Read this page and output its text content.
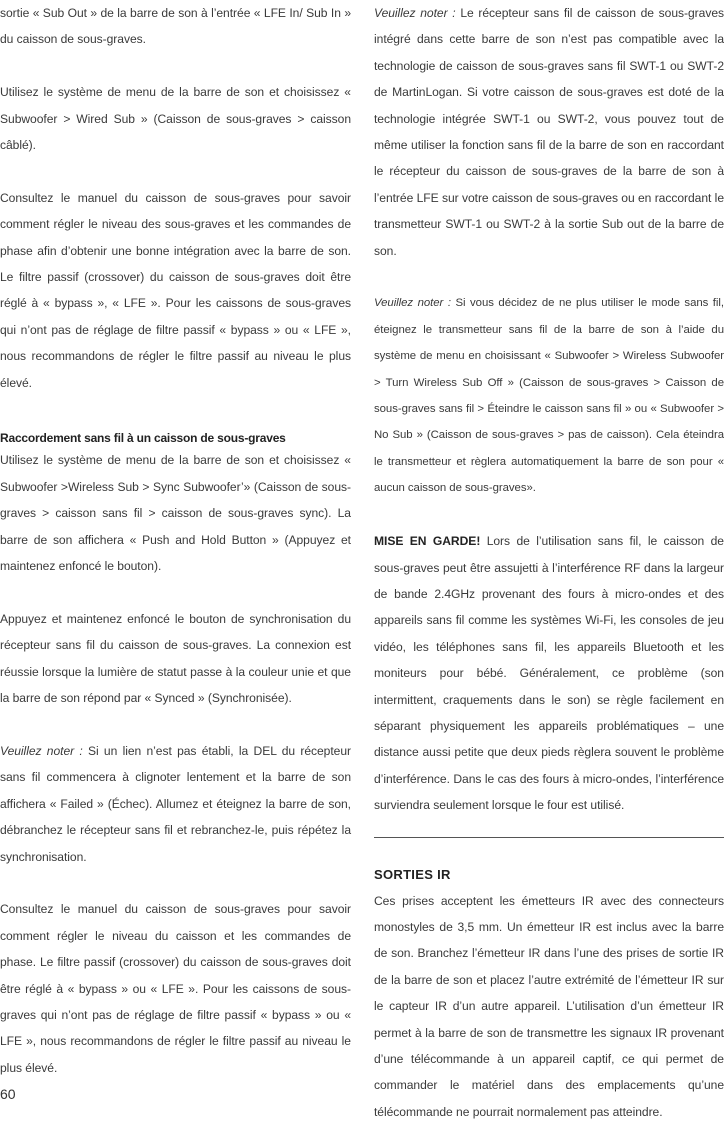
sortie « Sub Out » de la barre de son à l’entrée « LFE In/ Sub In » du caisson de sous-graves.

Utilisez le système de menu de la barre de son et choisissez « Subwoofer > Wired Sub » (Caisson de sous-graves > caisson câblé).

Consultez le manuel du caisson de sous-graves pour savoir comment régler le niveau des sous-graves et les commandes de phase afin d’obtenir une bonne intégration avec la barre de son. Le filtre passif (crossover) du caisson de sous-graves doit être réglé à « bypass », « LFE ». Pour les caissons de sous-graves qui n’ont pas de réglage de filtre passif « bypass » ou « LFE », nous recommandons de régler le filtre passif au niveau le plus élevé.

Raccordement sans fil à un caisson de sous-graves

Utilisez le système de menu de la barre de son et choisissez « Subwoofer >Wireless Sub > Sync Subwoofer’» (Caisson de sous-graves > caisson sans fil > caisson de sous-graves sync). La barre de son affichera « Push and Hold Button » (Appuyez et maintenez enfoncé le bouton).

Appuyez et maintenez enfoncé le bouton de synchronisation du récepteur sans fil du caisson de sous-graves. La connexion est réussie lorsque la lumière de statut passe à la couleur unie et que la barre de son répond par « Synced » (Synchronisée).

Veuillez noter : Si un lien n’est pas établi, la DEL du récepteur sans fil commencera à clignoter lentement et la barre de son affichera « Failed » (Échec). Allumez et éteignez la barre de son, débranchez le récepteur sans fil et rebranchez-le, puis répétez la synchronisation.

Consultez le manuel du caisson de sous-graves pour savoir comment régler le niveau du caisson et les commandes de phase. Le filtre passif (crossover) du caisson de sous-graves doit être réglé à « bypass » ou « LFE ». Pour les caissons de sous-graves qui n’ont pas de réglage de filtre passif « bypass » ou « LFE », nous recommandons de régler le filtre passif au niveau le plus élevé.

Veuillez noter : Le récepteur sans fil de caisson de sous-graves intégré dans cette barre de son n’est pas compatible avec la technologie de caisson de sous-graves sans fil SWT-1 ou SWT-2 de MartinLogan. Si votre caisson de sous-graves est doté de la technologie intégrée SWT-1 ou SWT-2, vous pouvez tout de même utiliser la fonction sans fil de la barre de son en raccordant le récepteur du caisson de sous-graves de la barre de son à l’entrée LFE sur votre caisson de sous-graves ou en raccordant le transmetteur SWT-1 ou SWT-2 à la sortie Sub out de la barre de son.

Veuillez noter : Si vous décidez de ne plus utiliser le mode sans fil, éteignez le transmetteur sans fil de la barre de son à l’aide du système de menu en choisissant « Subwoofer > Wireless Subwoofer > Turn Wireless Sub Off » (Caisson de sous-graves > Caisson de sous-graves sans fil > Éteindre le caisson sans fil » ou « Subwoofer > No Sub » (Caisson de sous-graves > pas de caisson). Cela éteindra le transmetteur et règlera automatiquement la barre de son pour « aucun caisson de sous-graves».

MISE EN GARDE! Lors de l’utilisation sans fil, le caisson de sous-graves peut être assujetti à l’interférence RF dans la largeur de bande 2.4GHz provenant des fours à micro-ondes et des appareils sans fil comme les systèmes Wi-Fi, les consoles de jeu vidéo, les téléphones sans fil, les appareils Bluetooth et les moniteurs pour bébé. Généralement, ce problème (son intermittent, craquements dans le son) se règle facilement en séparant physiquement les appareils problématiques – une distance aussi petite que deux pieds règlera souvent le problème d’interférence. Dans le cas des fours à micro-ondes, l’interférence surviendra seulement lorsque le four est utilisé.

SORTIES IR

Ces prises acceptent les émetteurs IR avec des connecteurs monostyles de 3,5 mm. Un émetteur IR est inclus avec la barre de son. Branchez l’émetteur IR dans l’une des prises de sortie IR de la barre de son et placez l’autre extrémité de l’émetteur IR sur le capteur IR d’un autre appareil. L’utilisation d’un émetteur IR permet à la barre de son de transmettre les signaux IR provenant d’une télécommande à un appareil captif, ce qui permet de commander le matériel dans des emplacements qu’une télécommande ne pourrait normalement pas atteindre.

60
